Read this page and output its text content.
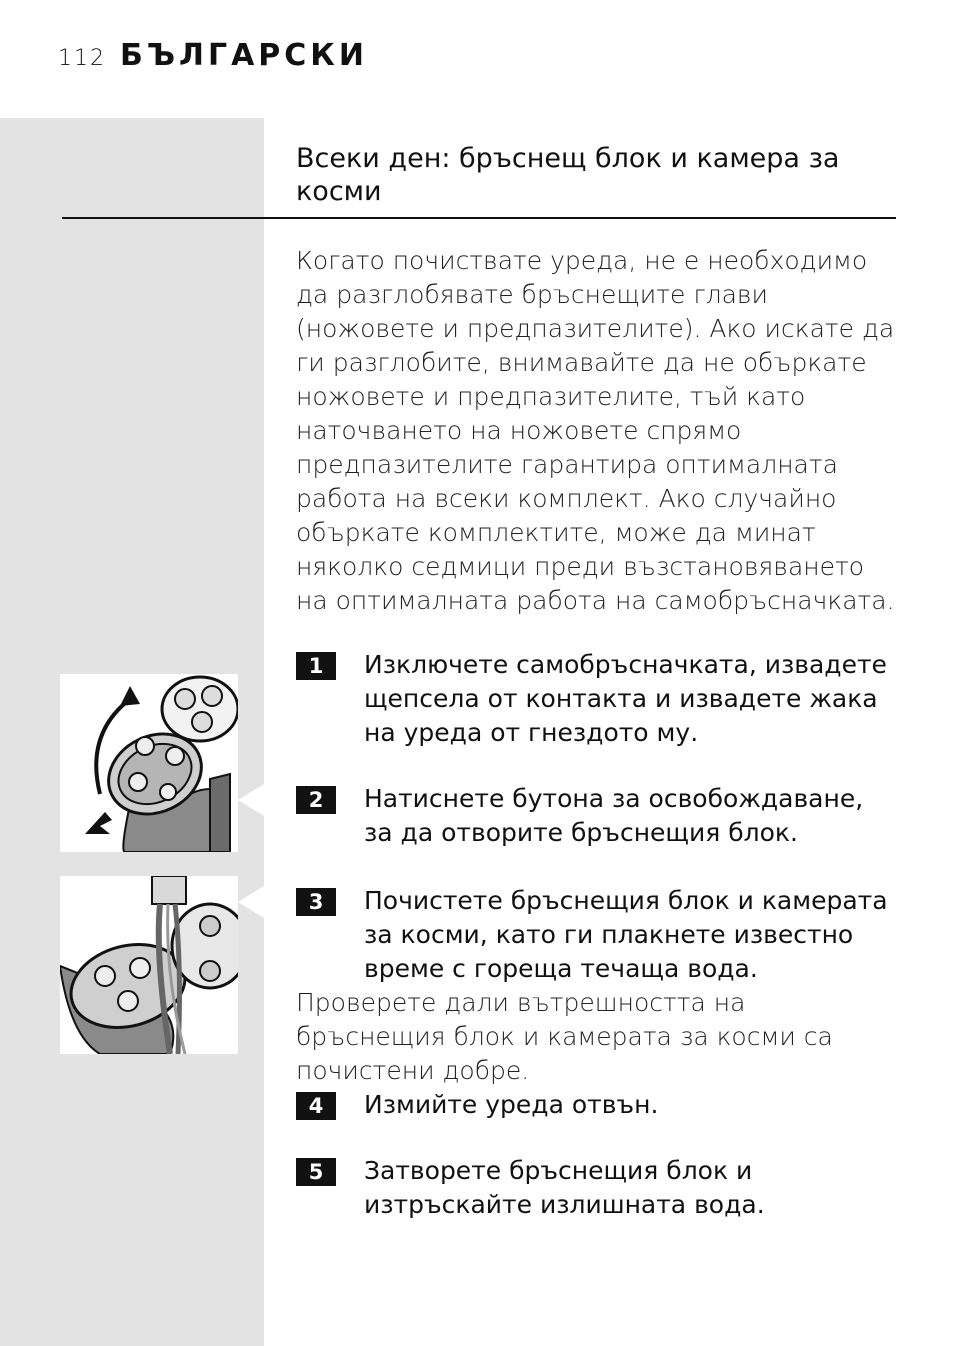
112 БЪЛГАРСКИ
Всеки ден: бръснещ блок и камера за косми
Когато почиствате уреда, не е необходимо да разглобявате бръснещите глави (ножовете и предпазителите). Ако искате да ги разглобите, внимавайте да не объркате ножовете и предпазителите, тъй като наточването на ножовете спрямо предпазителите гарантира оптималната работа на всеки комплект. Ако случайно объркате комплектите, може да минат няколко седмици преди възстановяването на оптималната работа на самобръсначката.
1	Изключете самобръсначката, извадете щепсела от контакта и извадете жака на уреда от гнездото му.
2	Натиснете бутона за освобождаване, за да отворите бръснещия блок.
3	Почистете бръснещия блок и камерата за косми, като ги плакнете известно време с гореща течаща вода.
Проверете дали вътрешността на бръснещия блок и камерата за косми са почистени добре.
4	Измийте уреда отвън.
5	Затворете бръснещия блок и изтръскайте излишната вода.
